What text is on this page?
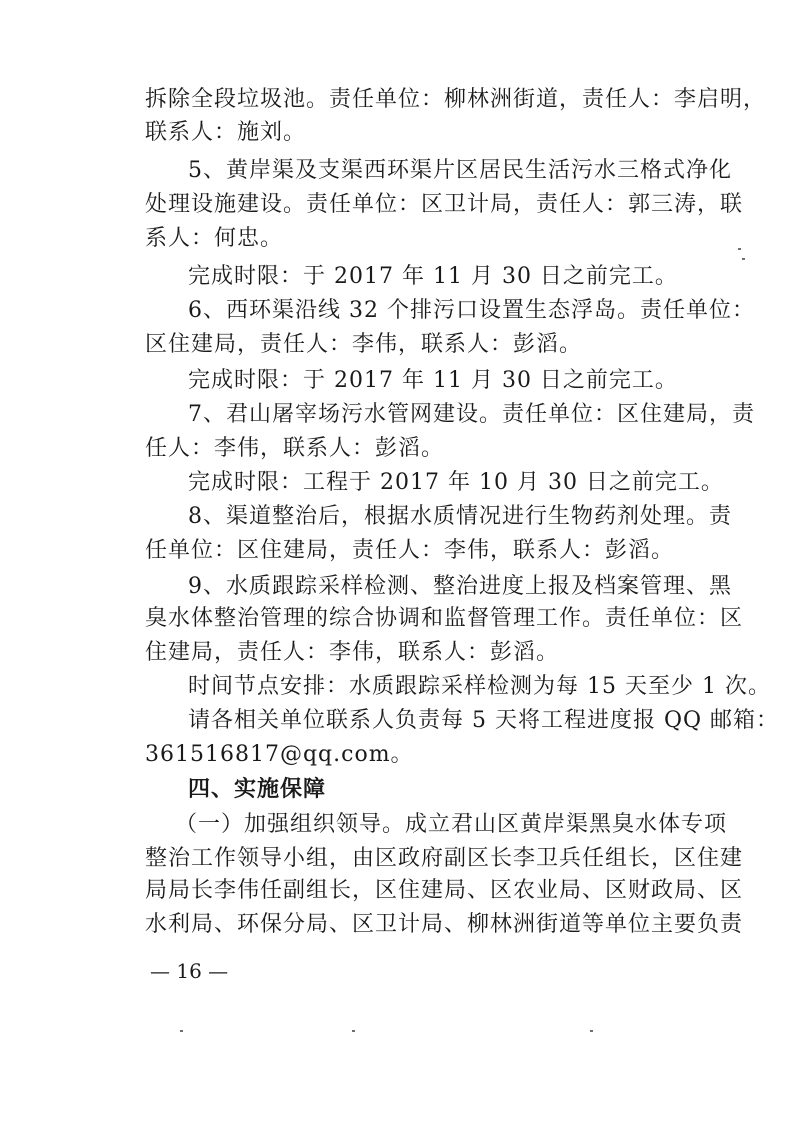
拆除全段垃圾池。责任单位：柳林洲街道，责任人：李启明，
联系人：施刘。
5、黄岸渠及支渠西环渠片区居民生活污水三格式净化
处理设施建设。责任单位：区卫计局，责任人：郭三涛，联
系人：何忠。
完成时限：于 2017 年 11 月 30 日之前完工。
6、西环渠沿线 32 个排污口设置生态浮岛。责任单位：
区住建局，责任人：李伟，联系人：彭滔。
完成时限：于 2017 年 11 月 30 日之前完工。
7、君山屠宰场污水管网建设。责任单位：区住建局，责
任人：李伟，联系人：彭滔。
完成时限：工程于 2017 年 10 月 30 日之前完工。
8、渠道整治后，根据水质情况进行生物药剂处理。责
任单位：区住建局，责任人：李伟，联系人：彭滔。
9、水质跟踪采样检测、整治进度上报及档案管理、黑
臭水体整治管理的综合协调和监督管理工作。责任单位：区
住建局，责任人：李伟，联系人：彭滔。
时间节点安排：水质跟踪采样检测为每 15 天至少 1 次。
请各相关单位联系人负责每 5 天将工程进度报 QQ 邮箱：
361516817@qq.com。
四、实施保障
（一）加强组织领导。成立君山区黄岸渠黑臭水体专项
整治工作领导小组，由区政府副区长李卫兵任组长，区住建
局局长李伟任副组长，区住建局、区农业局、区财政局、区
水利局、环保分局、区卫计局、柳林洲街道等单位主要负责
— 16 —
